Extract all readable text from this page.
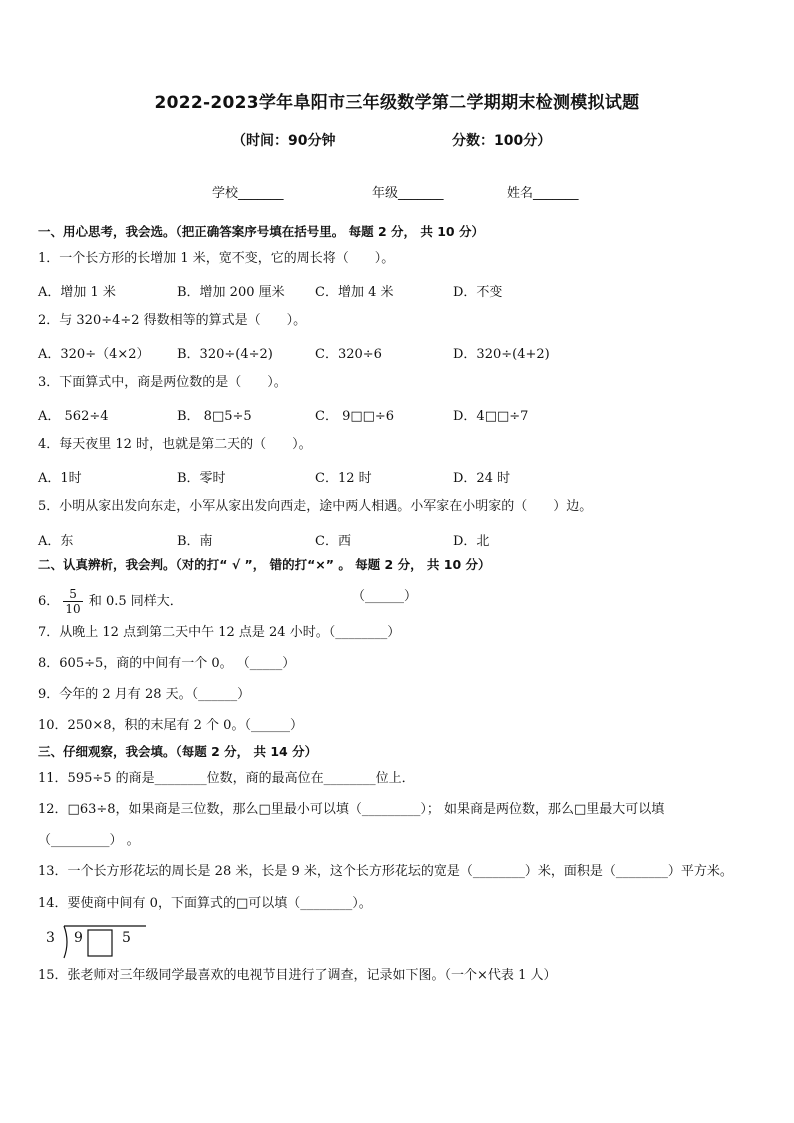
2022-2023学年阜阳市三年级数学第二学期期末检测模拟试题
（时间：90分钟	分数：100分）
学校_______	年级_______	姓名_______
一、用心思考，我会选。（把正确答案序号填在括号里。 每题 2 分， 共 10 分）
1．一个长方形的长增加 1 米，宽不变，它的周长将（　　）。
A．增加 1 米	B．增加 200 厘米 C．增加 4 米	D．不变
2．与 320÷4÷2 得数相等的算式是（　　）。
A．320÷（4×2） B．320÷(4÷2)	C．320÷6	D．320÷(4+2)
3．下面算式中，商是两位数的是（　　）。
A． 562÷4	B． 8□5÷5	C． 9□□÷6	D．4□□÷7
4．每天夜里 12 时，也就是第二天的（　　）。
A．1时	B．零时	C．12 时	D．24 时
5．小明从家出发向东走，小军从家出发向西走，途中两人相遇。小军家在小明家的（　　）边。
A．东	B．南	C．西	D．北
二、认真辨析，我会判。（对的打“ √ ”， 错的打“×” 。 每题 2 分， 共 10 分）
6． $\frac{5}{10}$ 和 0.5 同样大．	（______）
7．从晚上 12 点到第二天中午 12 点是 24 小时。（________）
8．605÷5，商的中间有一个 0。 （_____）
9．今年的 2 月有 28 天。（______）
10．250×8，积的末尾有 2 个 0。（______）
三、仔细观察，我会填。（每题 2 分， 共 14 分）
11．595÷5 的商是________位数，商的最高位在________位上．
12．□63÷8，如果商是三位数，那么□里最小可以填（_________）； 如果商是两位数，那么□里最大可以填
（_________） 。
13．一个长方形花坛的周长是 28 米，长是 9 米，这个长方形花坛的宽是（________）米，面积是（________）平方米。
14．要使商中间有 0，下面算式的□可以填（________）。
3 9	5
15．张老师对三年级同学最喜欢的电视节目进行了调查，记录如下图。（一个×代表 1 人）
